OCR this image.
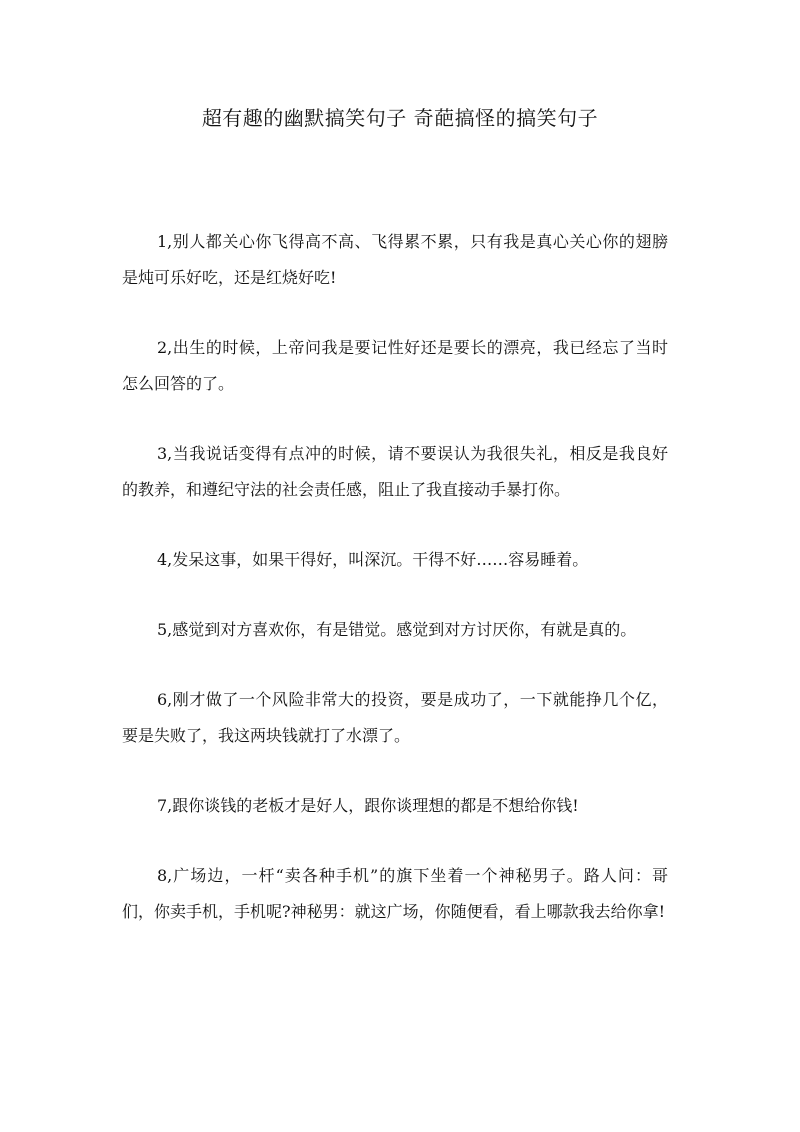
超有趣的幽默搞笑句子 奇葩搞怪的搞笑句子

1,别人都关心你飞得高不高、飞得累不累，只有我是真心关心你的翅膀是炖可乐好吃，还是红烧好吃!

2,出生的时候，上帝问我是要记性好还是要长的漂亮，我已经忘了当时怎么回答的了。

3,当我说话变得有点冲的时候，请不要误认为我很失礼，相反是我良好的教养，和遵纪守法的社会责任感，阻止了我直接动手暴打你。

4,发呆这事，如果干得好，叫深沉。干得不好……容易睡着。

5,感觉到对方喜欢你，有是错觉。感觉到对方讨厌你，有就是真的。

6,刚才做了一个风险非常大的投资，要是成功了，一下就能挣几个亿，要是失败了，我这两块钱就打了水漂了。

7,跟你谈钱的老板才是好人，跟你谈理想的都是不想给你钱!

8,广场边，一杆“卖各种手机”的旗下坐着一个神秘男子。路人问：哥们，你卖手机，手机呢?神秘男：就这广场，你随便看，看上哪款我去给你拿!
